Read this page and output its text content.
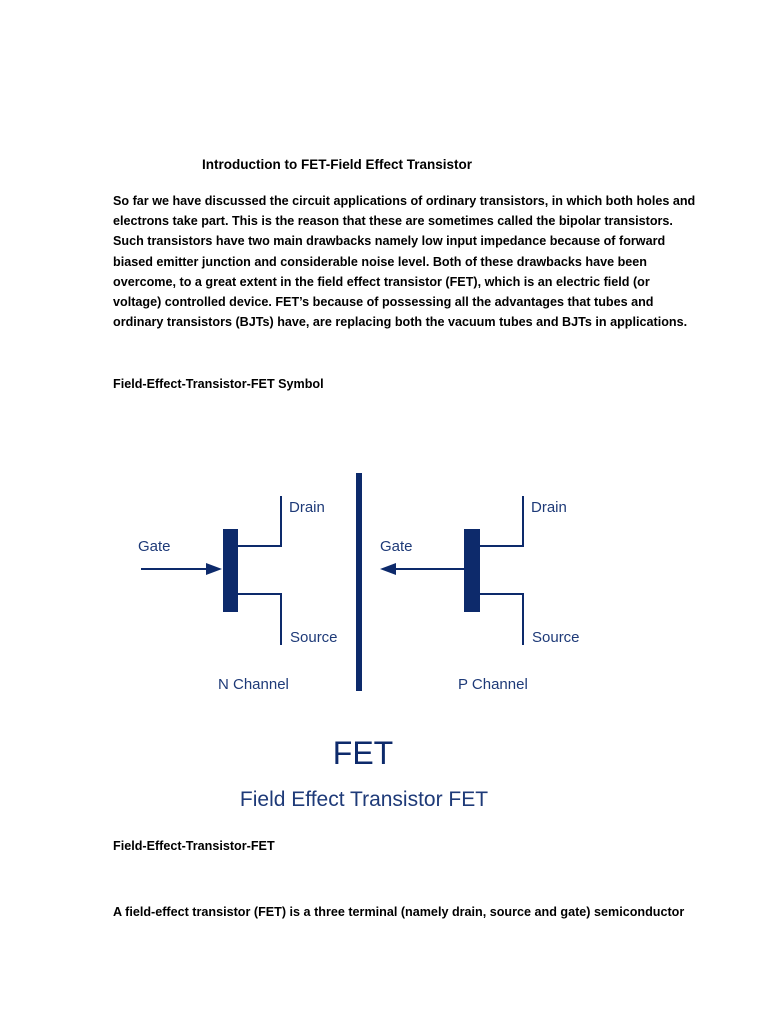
Introduction to FET-Field Effect Transistor
So far we have discussed the circuit applications of ordinary transistors, in which both holes and
electrons take part. This is the reason that these are sometimes called the bipolar transistors.
Such transistors have two main drawbacks namely low input impedance because of forward
biased emitter junction and considerable noise level. Both of these drawbacks have been
overcome, to a great extent in the field effect transistor (FET), which is an electric field (or
voltage) controlled device. FET’s because of possessing all the advantages that tubes and
ordinary transistors (BJTs) have, are replacing both the vacuum tubes and BJTs in applications.
Field-Effect-Transistor-FET Symbol
Gate
Drain
Source
N Channel
Gate
Drain
Source
P Channel
FET
Field Effect Transistor FET
Field-Effect-Transistor-FET
A field-effect transistor (FET) is a three terminal (namely drain, source and gate) semiconductor
